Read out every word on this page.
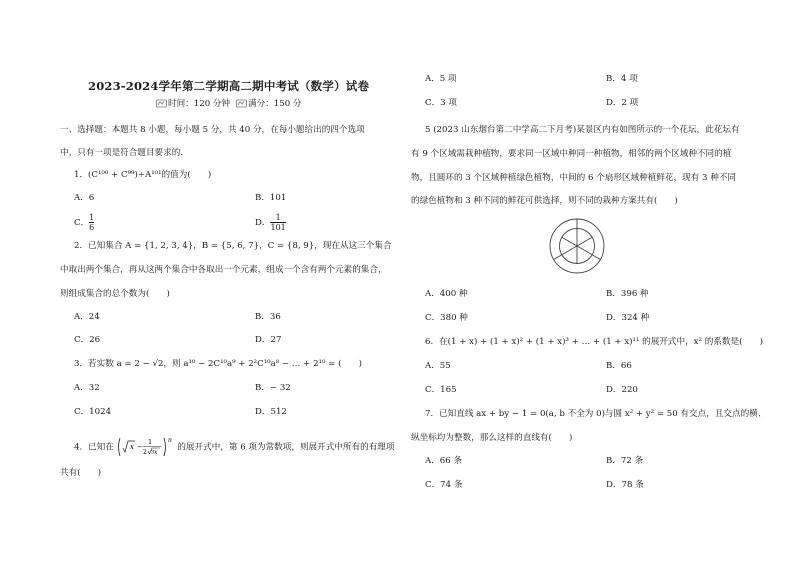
2023-2024学年第二学期高二期中考试（数学）试卷
时间：120 分钟	满分：150 分
一、选择题：本题共 8 小题，每小题 5 分，共 40 分，在每小题给出的四个选项
中，只有一项是符合题目要求的．
1．(C¹⁰⁰ + C⁹⁹)÷A¹⁰¹的值为(　　)
A．6	B．101
C． $\frac{1}{6}$	D． $\frac{1}{101}$
2．已知集合 A = {1, 2, 3, 4}，B = {5, 6, 7}，C = {8, 9}，现在从这三个集合
中取出两个集合，再从这两个集合中各取出一个元素，组成一个含有两个元素的集合，
则组成集合的总个数为(　　)
A．24	B．36
C．26	D．27
3．若实数 a = 2 − √2，则 a¹⁰ − 2C¹⁰a⁹ + 2²C¹⁰a⁸ − … + 2¹⁰ = (　　)
A．32	B．− 32
C．1024	D．512
4．已知在 x −
1
2 3 x
n
的展开式中，第 6 项为常数项，则展开式中所有的有理项
共有(　　)
A．5 项	B．4 项
C．3 项	D．2 项
5 (2023 山东烟台第二中学高二下月考)某景区内有如图所示的一个花坛，此花坛有
有 9 个区域需栽种植物，要求同一区域中种同一种植物，相邻的两个区域种不同的植
物，且圆环的 3 个区域种植绿色植物，中间的 6 个扇形区域种植鲜花，现有 3 种不同
的绿色植物和 3 种不同的鲜花可供选择，则不同的栽种方案共有(　　)
A．400 种	B．396 种
C．380 种	D．324 种
6．在(1 + x) + (1 + x)² + (1 + x)³ + … + (1 + x)¹¹ 的展开式中，x² 的系数是(　　)
A．55	B．66
C．165	D．220
7．已知直线 ax + by − 1 = 0(a, b 不全为 0)与圆 x² + y² = 50 有交点，且交点的横、
纵坐标均为整数，那么这样的直线有(　　)
A．66 条	B．72 条
C．74 条	D．78 条
